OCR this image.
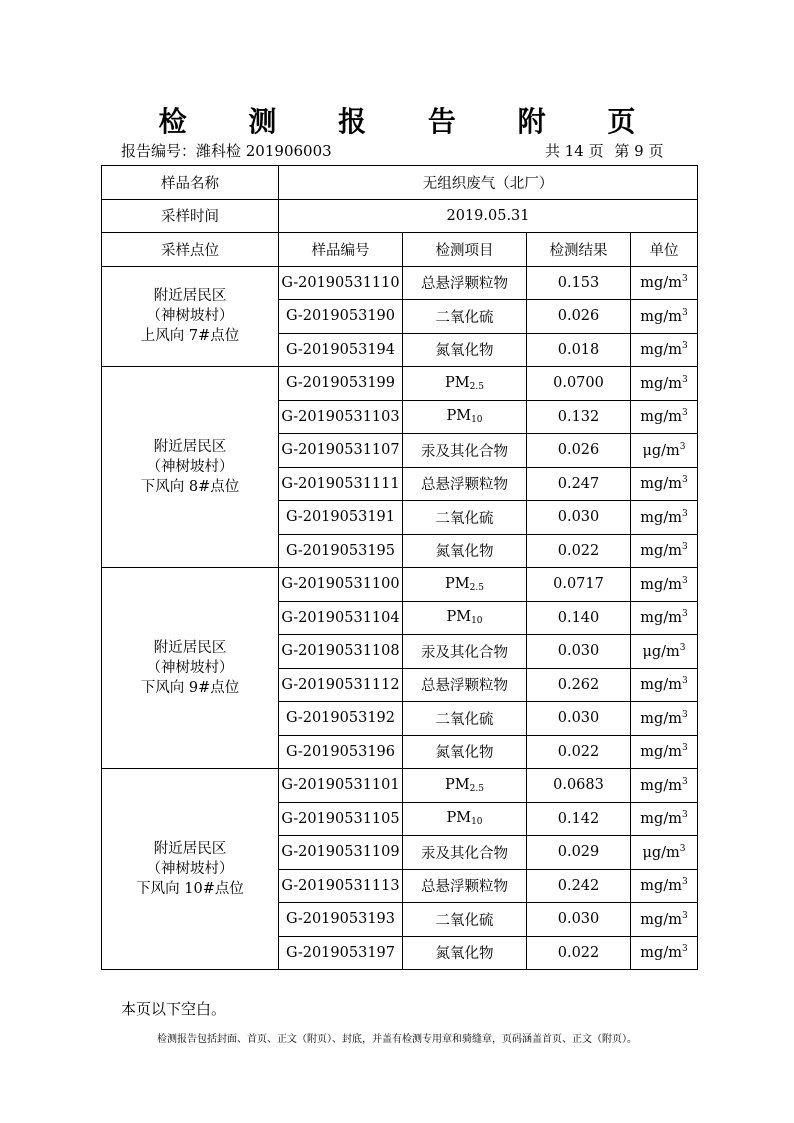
检 测 报 告 附 页
报告编号：潍科检 201906003	共 14 页 第 9 页
样品名称	无组织废气（北厂）			
采样时间	2019.05.31			
采样点位	样品编号	检测项目	检测结果	单位

附近居民区
（神树坡村）
上风向 7#点位	G-20190531110	总悬浮颗粒物	0.153	$mg/m^3$
	G-2019053190	二氧化硫	0.026	$mg/m^3$
	G-2019053194	氮氧化物	0.018	$mg/m^3$

附近居民区
（神树坡村）
下风向 8#点位	G-2019053199	$PM_{2.5}$	0.0700	$mg/m^3$
	G-20190531103	$PM_{10}$	0.132	$mg/m^3$
	G-20190531107	汞及其化合物	0.026	$\mu g/m^3$
	G-20190531111	总悬浮颗粒物	0.247	$mg/m^3$
	G-2019053191	二氧化硫	0.030	$mg/m^3$
	G-2019053195	氮氧化物	0.022	$mg/m^3$

附近居民区
（神树坡村）
下风向 9#点位	G-20190531100	$PM_{2.5}$	0.0717	$mg/m^3$
	G-20190531104	$PM_{10}$	0.140	$mg/m^3$
	G-20190531108	汞及其化合物	0.030	$\mu g/m^3$
	G-20190531112	总悬浮颗粒物	0.262	$mg/m^3$
	G-2019053192	二氧化硫	0.030	$mg/m^3$
	G-2019053196	氮氧化物	0.022	$mg/m^3$

附近居民区
（神树坡村）
下风向 10#点位	G-20190531101	$PM_{2.5}$	0.0683	$mg/m^3$
	G-20190531105	$PM_{10}$	0.142	$mg/m^3$
	G-20190531109	汞及其化合物	0.029	$\mu g/m^3$
	G-20190531113	总悬浮颗粒物	0.242	$mg/m^3$
	G-2019053193	二氧化硫	0.030	$mg/m^3$
	G-2019053197	氮氧化物	0.022	$mg/m^3$
本页以下空白。
检测报告包括封面、首页、正文（附页）、封底，并盖有检测专用章和骑缝章，页码涵盖首页、正文（附页）。
